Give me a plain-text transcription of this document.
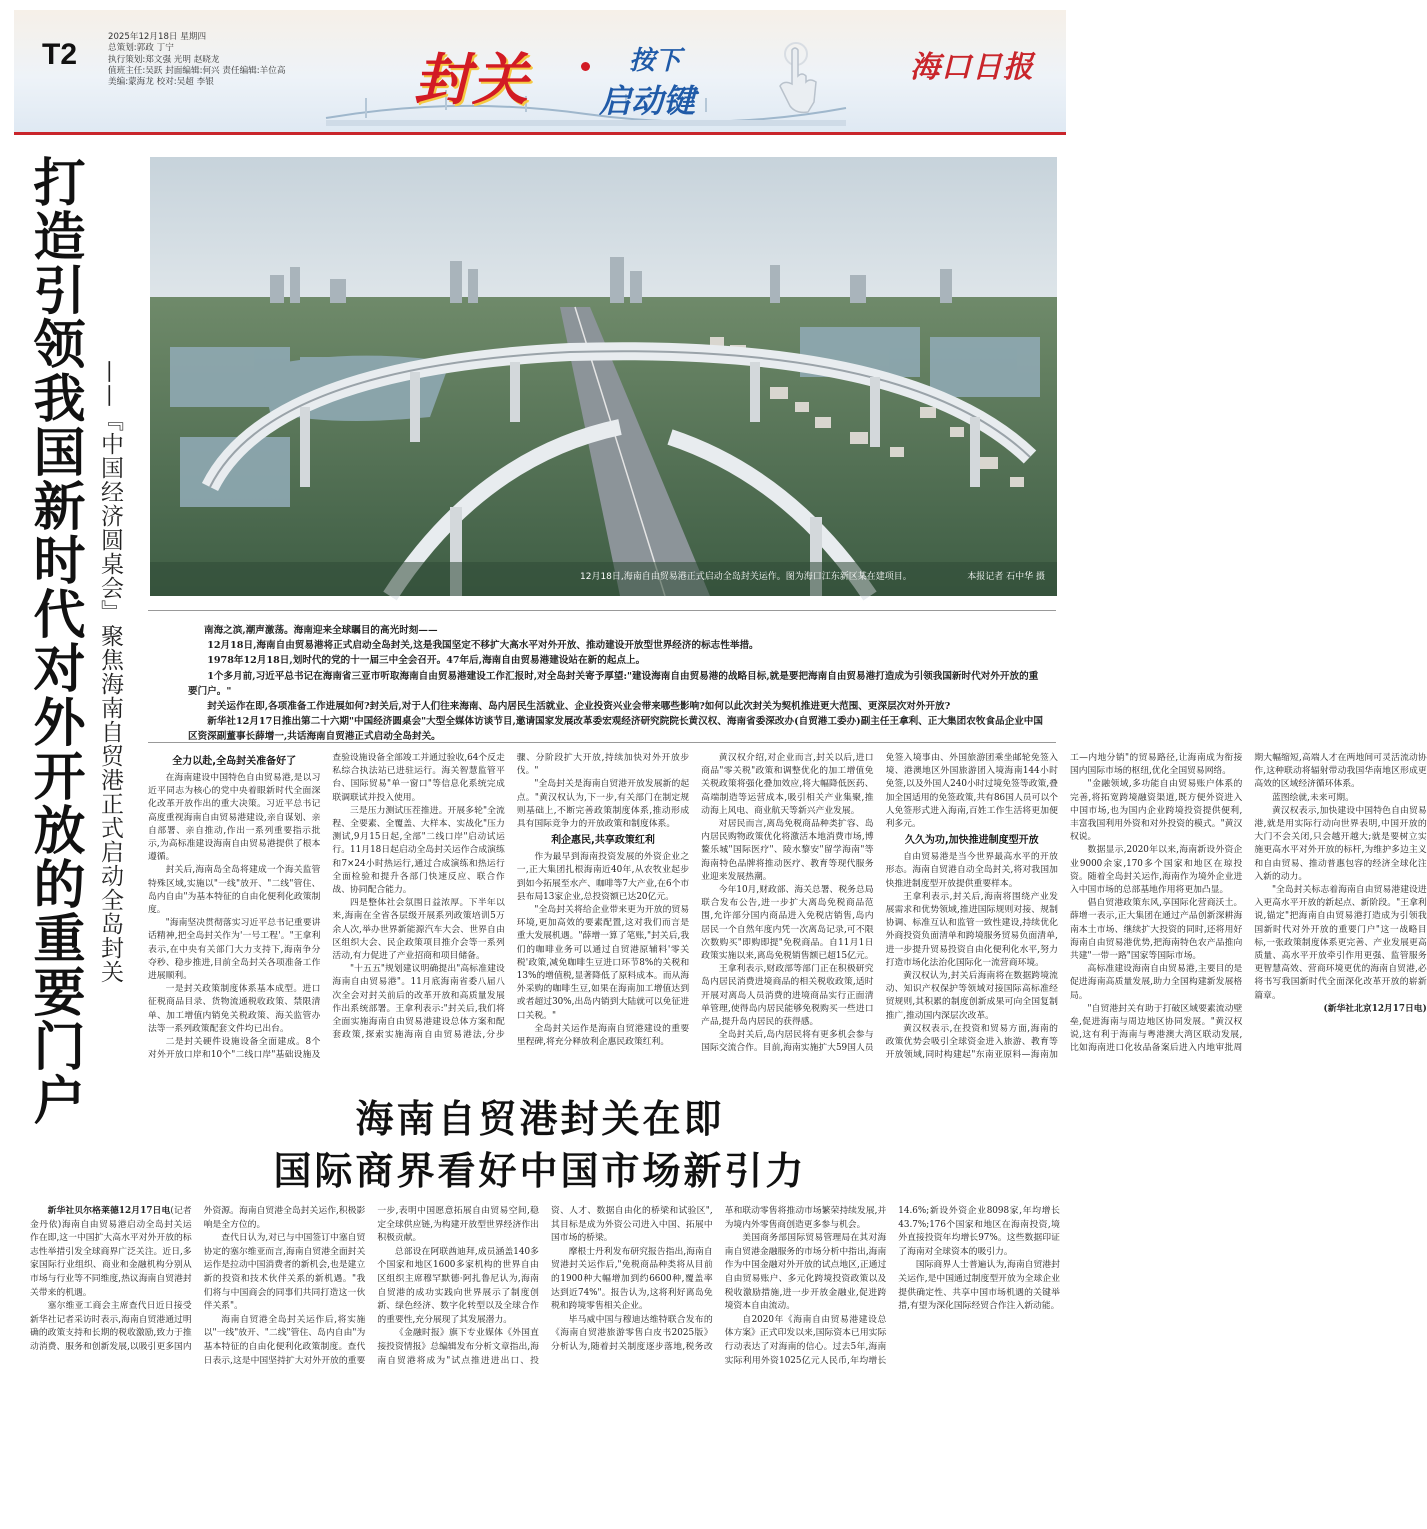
T2
2025年12月18日 星期四
总策划:郭政 丁宁
执行策划:郑文强 光明 赵晓龙
值班主任:吴跃 封面编辑:何兴 责任编辑:羊位高
美编:蒙海龙 校对:吴超 李银	封关	按下
启动键
海口日报
打造引领我国新时代对外开放的重要门户 ——『中国经济圆桌会』聚焦海南自贸港正式启动全岛封关	12月18日,海南自由贸易港正式启动全岛封关运作。图为海口江东新区某在建项目。	本报记者 石中华 摄

南海之滨,潮声激荡。海南迎来全球瞩目的高光时刻——

12月18日,海南自由贸易港将正式启动全岛封关,这是我国坚定不移扩大高水平对外开放、推动建设开放型世界经济的标志性举措。

1978年12月18日,划时代的党的十一届三中全会召开。47年后,海南自由贸易港建设站在新的起点上。

1个多月前,习近平总书记在海南省三亚市听取海南自由贸易港建设工作汇报时,对全岛封关寄予厚望:"建设海南自由贸易港的战略目标,就是要把海南自由贸易港打造成为引领我国新时代对外开放的重要门户。"

封关运作在即,各项准备工作进展如何?封关后,对于人们往来海南、岛内居民生活就业、企业投资兴业会带来哪些影响?如何以此次封关为契机推进更大范围、更深层次对外开放?

新华社12月17日推出第二十六期"中国经济圆桌会"大型全媒体访谈节目,邀请国家发展改革委宏观经济研究院院长黄汉权、海南省委深改办(自贸港工委办)副主任王拿利、正大集团农牧食品企业中国区资深副董事长薛增一,共话海南自贸港正式启动全岛封关。

全力以赴,全岛封关准备好了

在海南建设中国特色自由贸易港,是以习近平同志为核心的党中央着眼新时代全面深化改革开放作出的重大决策。习近平总书记高度重视海南自由贸易港建设,亲自谋划、亲自部署、亲自推动,作出一系列重要指示批示,为高标准建设海南自由贸易港提供了根本遵循。

封关后,海南岛全岛将建成一个海关监管特殊区域,实施以"一线"放开、"二线"管住、岛内自由"为基本特征的自由化便利化政策制度。

"海南坚决贯彻落实习近平总书记重要讲话精神,把全岛封关作为'一号工程'。"王拿利表示,在中央有关部门大力支持下,海南争分夺秒、稳步推进,目前全岛封关各项准备工作进展顺利。

一是封关政策制度体系基本成型。进口征税商品目录、货物流通税收政策、禁限清单、加工增值内销免关税政策、海关监管办法等一系列政策配套文件均已出台。

二是封关硬件设施设备全面建成。8个对外开放口岸和10个"二线口岸"基础设施及查验设施设备全部竣工并通过验收,64个反走私综合执法站已进驻运行。海关智慧监管平台、国际贸易"单一窗口"等信息化系统完成联调联试并投入使用。

三是压力测试压茬推进。开展多轮"全流程、全要素、全覆盖、大样本、实战化"压力测试,9月15日起,全部"二线口岸"启动试运行。11月18日起启动全岛封关运作合成演练和7×24小时热运行,通过合成演练和热运行全面检验和提升各部门快速反应、联合作战、协同配合能力。

四是整体社会氛围日益浓厚。下半年以来,海南在全省各层级开展系列政策培训5万余人次,举办世界新能源汽车大会、世界自由区组织大会、民企政策项目推介会等一系列活动,有力促进了产业招商和项目储备。

"十五五"规划建议明确提出"高标准建设海南自由贸易港"。11月底海南省委八届八次全会对封关前后的改革开放和高质量发展作出系统部署。王拿利表示:"封关后,我们将全面实施海南自由贸易港建设总体方案和配套政策,探索实施海南自由贸易港法,分步骤、分阶段扩大开放,持续加快对外开放步伐。"

"全岛封关是海南自贸港开放发展新的起点。"黄汉权认为,下一步,有关部门在制定规则基础上,不断完善政策制度体系,推动形成具有国际竞争力的开放政策和制度体系。

利企惠民,共享政策红利

作为最早到海南投资发展的外资企业之一,正大集团扎根海南近40年,从农牧业起步到如今拓展至水产、咖啡等7大产业,在6个市县布局13家企业,总投资额已达20亿元。

"全岛封关将给企业带来更为开放的贸易环境,更加高效的要素配置,这对我们而言是重大发展机遇。"薛增一算了笔账,"封关后,我们的咖啡业务可以通过自贸港原辅料'零关税'政策,减免咖啡生豆进口环节8%的关税和13%的增值税,显著降低了原料成本。而从海外采购的咖啡生豆,如果在海南加工增值达到或者超过30%,出岛内销到大陆就可以免征进口关税。"

全岛封关运作是海南自贸港建设的重要里程碑,将充分释放利企惠民政策红利。

黄汉权介绍,对企业而言,封关以后,进口商品"零关税"政策和调整优化的加工增值免关税政策将强化叠加效应,将大幅降低医药、高端制造等运营成本,吸引相关产业集聚,推动海上风电、商业航天等新兴产业发展。

对居民而言,离岛免税商品种类扩容、岛内居民购物政策优化将激活本地消费市场,博鳌乐城"国际医疗"、陵水黎安"留学海南"等海南特色品牌将推动医疗、教育等现代服务业迎来发展热潮。

今年10月,财政部、海关总署、税务总局联合发布公告,进一步扩大离岛免税商品范围,允许部分国内商品进入免税店销售,岛内居民一个自然年度内凭一次离岛记录,可不限次数购买"即购即提"免税商品。自11月1日政策实施以来,离岛免税销售额已超15亿元。

王拿利表示,财政部等部门正在积极研究岛内居民消费进境商品的相关税收政策,适时开展对离岛人员消费的进境商品实行正面清单管理,使得岛内居民能够免税购买一些进口产品,提升岛内居民的获得感。

全岛封关后,岛内居民将有更多机会参与国际交流合作。目前,海南实施扩大59国人员免签入境事由、外国旅游团乘坐邮轮免签入境、港澳地区外国旅游团入境海南144小时免签,以及外国人240小时过境免签等政策,叠加全国适用的免签政策,共有86国人员可以个人免签形式进入海南,百姓工作生活将更加便利多元。

久久为功,加快推进制度型开放

自由贸易港是当今世界最高水平的开放形态。海南自贸港自动全岛封关,将对我国加快推进制度型开放提供重要样本。

王拿利表示,封关后,海南将围绕产业发展需求和优势领域,推进国际规则对接、规制协调、标准互认和监管一致性建设,持续优化外商投资负面清单和跨境服务贸易负面清单,进一步提升贸易投资自由化便利化水平,努力打造市场化法治化国际化一流营商环境。

黄汉权认为,封关后海南将在数据跨境流动、知识产权保护等领域对接国际高标准经贸规则,其积累的制度创新成果可向全国复制推广,推动国内深层次改革。

黄汉权表示,在投资和贸易方面,海南的政策优势会吸引全球资金进入旅游、教育等开放领域,同时构建起"东南亚原料—海南加工—内地分销"的贸易路径,让海南成为衔接国内国际市场的枢纽,优化全国贸易网络。

"金融领域,多功能自由贸易账户体系的完善,将拓宽跨境融资渠道,既方便外资进入中国市场,也为国内企业跨境投资提供便利,丰富我国利用外资和对外投资的模式。"黄汉权说。

数据显示,2020年以来,海南新设外资企业9000余家,170多个国家和地区在琼投资。随着全岛封关运作,海南作为境外企业进入中国市场的总部基地作用将更加凸显。

倡自贸港政策东风,享国际化营商沃土。薛增一表示,正大集团在通过产品创新深耕海南本土市场、继续扩大投资的同时,还将用好海南自由贸易港优势,把海南特色农产品推向共建"一带一路"国家等国际市场。

高标准建设海南自由贸易港,主要目的是促进海南高质量发展,助力全国构建新发展格局。

"自贸港封关有助于打破区域要素流动壁垒,促进海南与周边地区协同发展。"黄汉权说,这有利于海南与粤港澳大湾区联动发展,比如海南进口化妆品备案后进入内地审批周期大幅缩短,高端人才在两地间可灵活流动协作,这种联动将辐射带动我国华南地区形成更高效的区域经济循环体系。

蓝图绘就,未来可期。

黄汉权表示,加快建设中国特色自由贸易港,就是用实际行动向世界表明,中国开放的大门不会关闭,只会越开越大;就是要树立实施更高水平对外开放的标杆,为维护多边主义和自由贸易、推动普惠包容的经济全球化注入新的动力。

"全岛封关标志着海南自由贸易港建设进入更高水平开放的新起点、新阶段。"王拿利说,锚定"把海南自由贸易港打造成为引领我国新时代对外开放的重要门户"这一战略目标,一张政策制度体系更完善、产业发展更高质量、高水平开放牵引作用更强、监管服务更智慧高效、营商环境更优的海南自贸港,必将书写我国新时代全面深化改革开放的崭新篇章。

(新华社北京12月17日电)

海南自贸港封关在即
国际商界看好中国市场新引力

新华社贝尔格莱德12月17日电(记者金丹依)海南自由贸易港启动全岛封关运作在即,这一中国扩大高水平对外开放的标志性举措引发全球商界广泛关注。近日,多家国际行业组织、商业和金融机构分别从市场与行业等不同维度,热议海南自贸港封关带来的机遇。

塞尔维亚工商会主席查代日近日接受新华社记者采访时表示,海南自贸港通过明确的政策支持和长期的税收激励,致力于推动消费、服务和创新发展,以吸引更多国内外资源。海南自贸港全岛封关运作,积极影响是全方位的。

查代日认为,对已与中国签订中塞自贸协定的塞尔维亚而言,海南自贸港全面封关运作是拉动中国消费者的新机会,也是建立新的投资和技术伙伴关系的新机遇。"我们将与中国商会的同事们共同打造这一伙伴关系"。

海南自贸港全岛封关运作后,将实施以"一线"放开、"二线"管住、岛内自由"为基本特征的自由化便利化政策制度。查代日表示,这是中国坚持扩大对外开放的重要一步,表明中国愿意拓展自由贸易空间,稳定全球供应链,为构建开放型世界经济作出积极贡献。

总部设在阿联酋迪拜,成员涵盖140多个国家和地区1600多家机构的世界自由区组织主席穆罕默德·阿扎鲁尼认为,海南自贸港的成功实践向世界展示了制度创新、绿色经济、数字化转型以及全球合作的重要性,充分展现了其发展潜力。

《金融时报》旗下专业媒体《外国直接投资情报》总编辑发布分析文章指出,海南自贸港将成为"试点推进进出口、投资、人才、数据自由化的桥梁和试验区",其目标是成为外资公司进入中国、拓展中国市场的桥梁。

摩根士丹利发布研究报告指出,海南自贸港封关运作后,"免税商品种类将从目前的1900种大幅增加到约6600种,覆盖率达到近74%"。报告认为,这将利好离岛免税和跨境零售相关企业。

毕马威中国与穆迪达维特联合发布的《海南自贸港旅游零售白皮书2025版》分析认为,随着封关制度逐步落地,税务改革和联动零售将推动市场繁荣持续发展,并为境内外零售商创造更多参与机会。

美国商务部国际贸易管理局在其对海南自贸港金融服务的市场分析中指出,海南作为中国金融对外开放的试点地区,正通过自由贸易账户、多元化跨境投资政策以及税收激励措施,进一步开放金融业,促进跨境资本自由流动。

自2020年《海南自由贸易港建设总体方案》正式印发以来,国际资本已用实际行动表达了对海南的信心。过去5年,海南实际利用外资1025亿元人民币,年均增长14.6%;新设外资企业8098家,年均增长43.7%;176个国家和地区在海南投资,境外直接投资年均增长97%。这些数据印证了海南对全球资本的吸引力。

国际商界人士普遍认为,海南自贸港封关运作,是中国通过制度型开放为全球企业提供确定性、共享中国市场机遇的关键举措,有望为深化国际经贸合作注入新动能。
